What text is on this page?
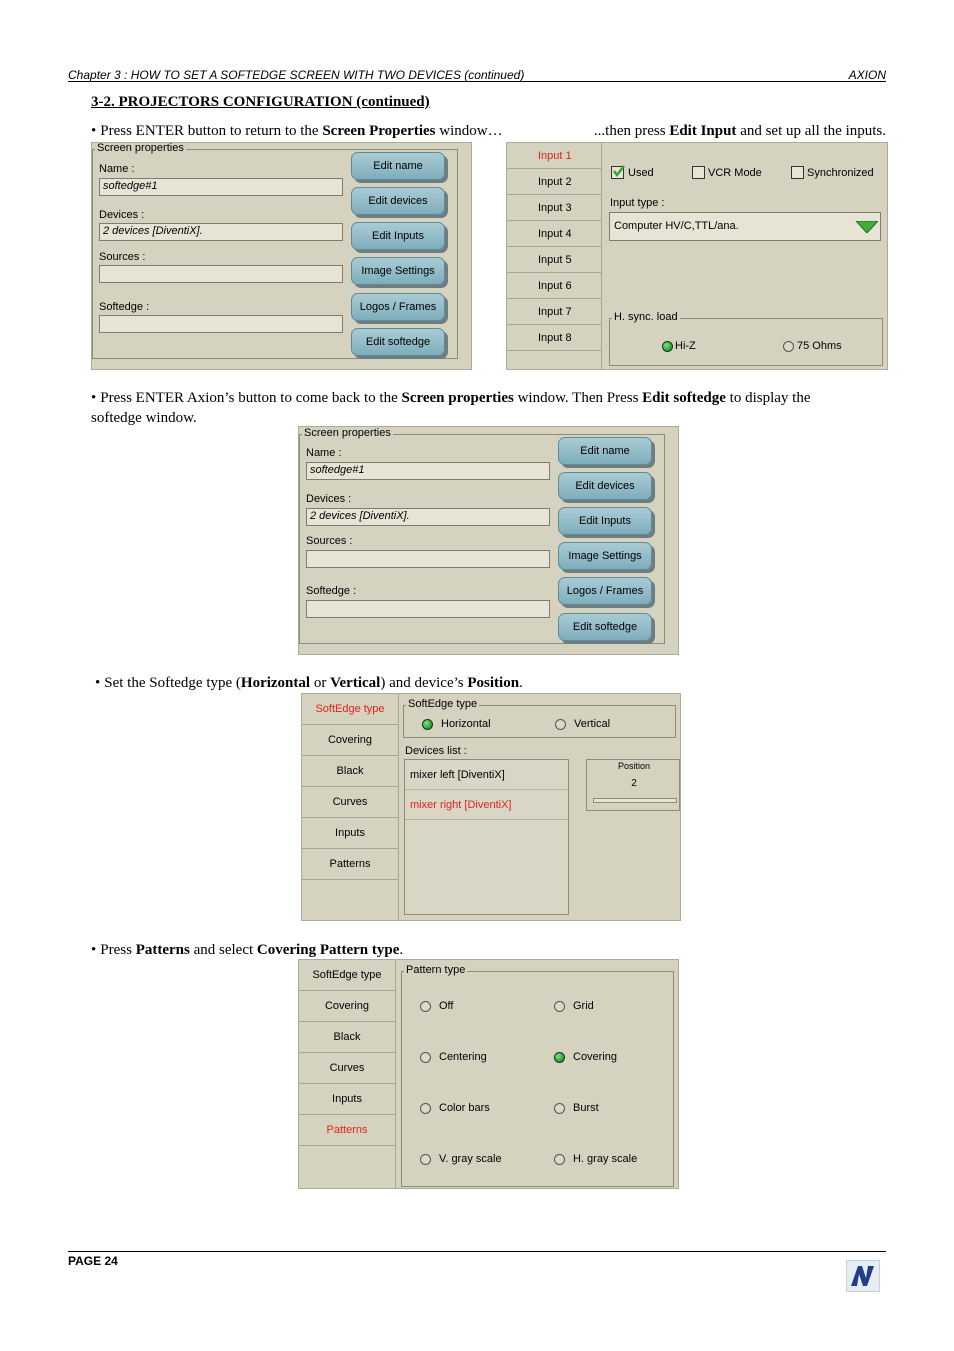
Chapter 3 : HOW TO SET A SOFTEDGE SCREEN WITH TWO DEVICES (continued)	AXION
3-2. PROJECTORS CONFIGURATION (continued)
• Press ENTER button to return to the Screen Properties window…	...then press Edit Input and set up all the inputs.
Screen properties
Name :
softedge#1
Devices :
2 devices [DiventiX].
Sources :
Softedge :
Edit name
Edit devices
Edit Inputs
Image Settings
Logos / Frames
Edit softedge
Input 1
Input 2
Input 3
Input 4
Input 5
Input 6
Input 7
Input 8
Used	VCR Mode	Synchronized
Input type :
Computer HV/C,TTL/ana.
H. sync. load
Hi-Z	75 Ohms
• Press ENTER Axion’s button to come back to the Screen properties window. Then Press Edit softedge to display the
softedge window.
Screen properties
Name :
softedge#1
Devices :
2 devices [DiventiX].
Sources :
Softedge :
Edit name
Edit devices
Edit Inputs
Image Settings
Logos / Frames
Edit softedge
• Set the Softedge type (Horizontal or Vertical) and device’s Position.
SoftEdge type
Covering
Black
Curves
Inputs
Patterns
SoftEdge type
Horizontal	Vertical
Devices list :
mixer left [DiventiX]
mixer right [DiventiX]
Position
2
• Press Patterns and select Covering Pattern type.
SoftEdge type
Covering
Black
Curves
Inputs
Patterns
Pattern type
Off	Grid
Centering	Covering
Color bars	Burst
V. gray scale	H. gray scale
PAGE 24
